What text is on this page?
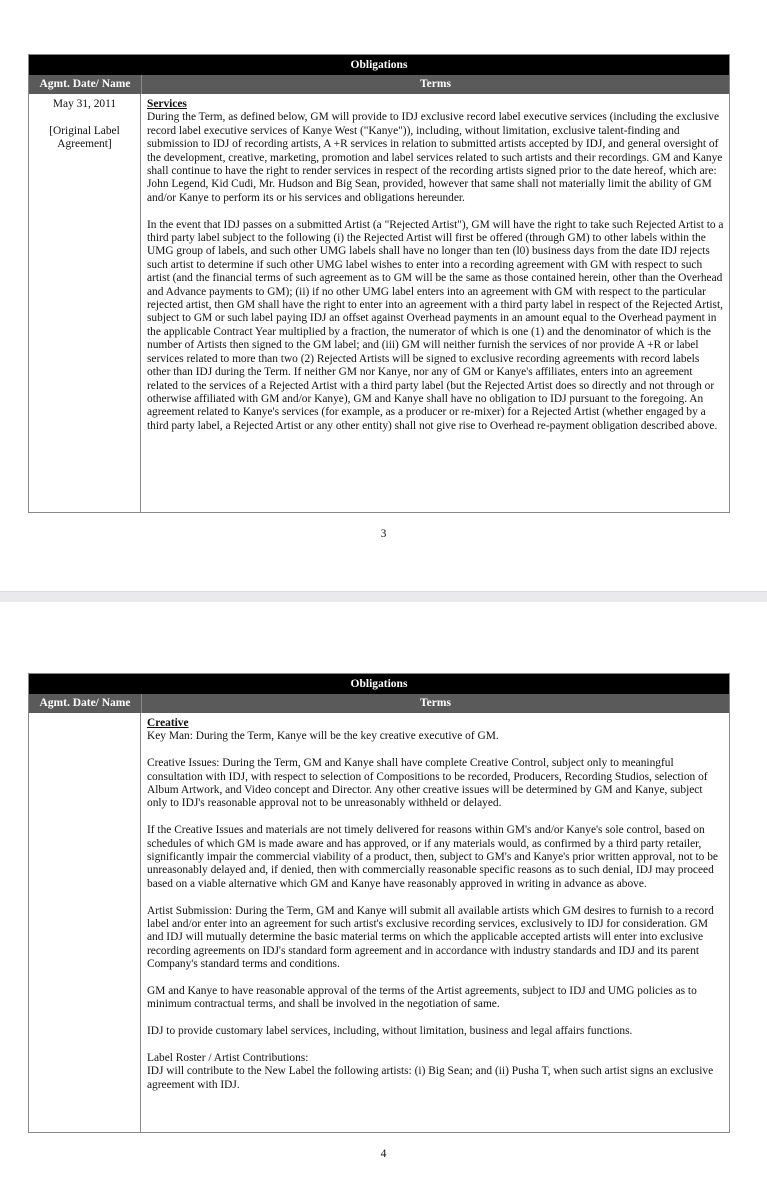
Obligations
Agmt. Date/ Name	Terms
May 31, 2011
[Original Label Agreement]
Services

During the Term, as defined below, GM will provide to IDJ exclusive record label executive services (including the exclusive record label executive services of Kanye West ("Kanye")), including, without limitation, exclusive talent-finding and submission to IDJ of recording artists, A +R services in relation to submitted artists accepted by IDJ, and general oversight of the development, creative, marketing, promotion and label services related to such artists and their recordings. GM and Kanye shall continue to have the right to render services in respect of the recording artists signed prior to the date hereof, which are: John Legend, Kid Cudi, Mr. Hudson and Big Sean, provided, however that same shall not materially limit the ability of GM and/or Kanye to perform its or his services and obligations hereunder.

In the event that IDJ passes on a submitted Artist (a "Rejected Artist"), GM will have the right to take such Rejected Artist to a third party label subject to the following (i) the Rejected Artist will first be offered (through GM) to other labels within the UMG group of labels, and such other UMG labels shall have no longer than ten (l0) business days from the date IDJ rejects such artist to determine if such other UMG label wishes to enter into a recording agreement with GM with respect to such artist (and the financial terms of such agreement as to GM will be the same as those contained herein, other than the Overhead and Advance payments to GM); (ii) if no other UMG label enters into an agreement with GM with respect to the particular rejected artist, then GM shall have the right to enter into an agreement with a third party label in respect of the Rejected Artist, subject to GM or such label paying IDJ an offset against Overhead payments in an amount equal to the Overhead payment in the applicable Contract Year multiplied by a fraction, the numerator of which is one (1) and the denominator of which is the number of Artists then signed to the GM label; and (iii) GM will neither furnish the services of nor provide A +R or label services related to more than two (2) Rejected Artists will be signed to exclusive recording agreements with record labels other than IDJ during the Term. If neither GM nor Kanye, nor any of GM or Kanye's affiliates, enters into an agreement related to the services of a Rejected Artist with a third party label (but the Rejected Artist does so directly and not through or otherwise affiliated with GM and/or Kanye), GM and Kanye shall have no obligation to IDJ pursuant to the foregoing. An agreement related to Kanye's services (for example, as a producer or re-mixer) for a Rejected Artist (whether engaged by a third party label, a Rejected Artist or any other entity) shall not give rise to Overhead re-payment obligation described above.

3
Obligations
Agmt. Date/ Name	Terms
Creative

Key Man: During the Term, Kanye will be the key creative executive of GM.

Creative Issues: During the Term, GM and Kanye shall have complete Creative Control, subject only to meaningful consultation with IDJ, with respect to selection of Compositions to be recorded, Producers, Recording Studios, selection of Album Artwork, and Video concept and Director. Any other creative issues will be determined by GM and Kanye, subject only to IDJ's reasonable approval not to be unreasonably withheld or delayed.

If the Creative Issues and materials are not timely delivered for reasons within GM's and/or Kanye's sole control, based on schedules of which GM is made aware and has approved, or if any materials would, as confirmed by a third party retailer, significantly impair the commercial viability of a product, then, subject to GM's and Kanye's prior written approval, not to be unreasonably delayed and, if denied, then with commercially reasonable specific reasons as to such denial, IDJ may proceed based on a viable alternative which GM and Kanye have reasonably approved in writing in advance as above.

Artist Submission: During the Term, GM and Kanye will submit all available artists which GM desires to furnish to a record label and/or enter into an agreement for such artist's exclusive recording services, exclusively to IDJ for consideration. GM and IDJ will mutually determine the basic material terms on which the applicable accepted artists will enter into exclusive recording agreements on IDJ's standard form agreement and in accordance with industry standards and IDJ and its parent Company's standard terms and conditions.

GM and Kanye to have reasonable approval of the terms of the Artist agreements, subject to IDJ and UMG policies as to minimum contractual terms, and shall be involved in the negotiation of same.

IDJ to provide customary label services, including, without limitation, business and legal affairs functions.

Label Roster / Artist Contributions:

IDJ will contribute to the New Label the following artists: (i) Big Sean; and (ii) Pusha T, when such artist signs an exclusive agreement with IDJ.

4
